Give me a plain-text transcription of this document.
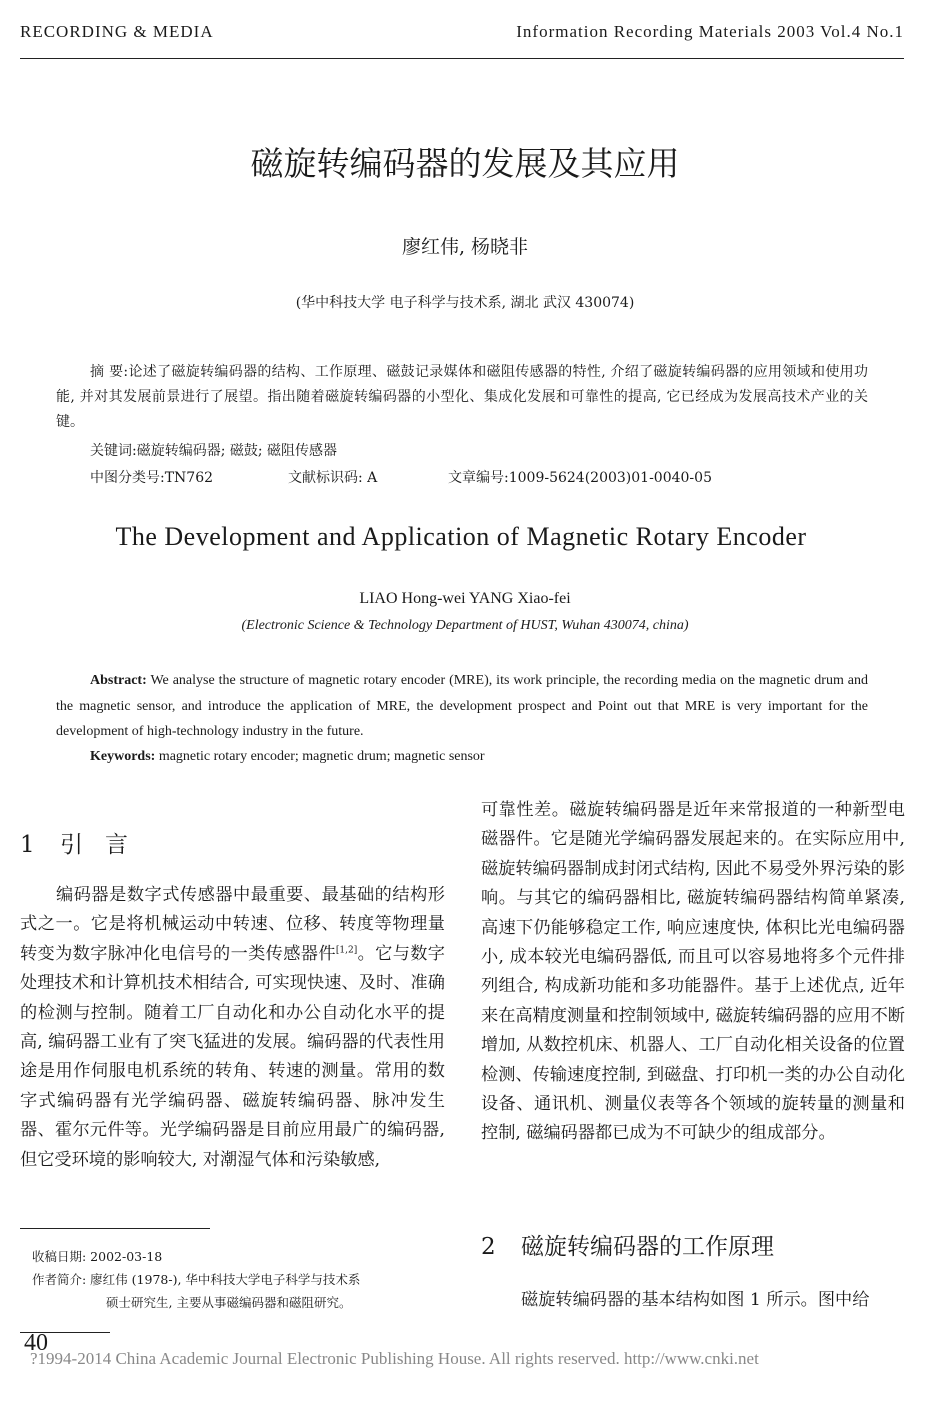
RECORDING & MEDIA	Information Recording Materials 2003 Vol.4 No.1
磁旋转编码器的发展及其应用
廖红伟, 杨晓非
(华中科技大学 电子科学与技术系, 湖北 武汉 430074)
摘 要:论述了磁旋转编码器的结构、工作原理、磁鼓记录媒体和磁阻传感器的特性, 介绍了磁旋转编码器的应用领域和使用功能, 并对其发展前景进行了展望。指出随着磁旋转编码器的小型化、集成化发展和可靠性的提高, 它已经成为发展高技术产业的关键。
关键词:磁旋转编码器; 磁鼓; 磁阻传感器
中图分类号:TN762	文献标识码: A	文章编号:1009-5624(2003)01-0040-05
The Development and Application of Magnetic Rotary Encoder
LIAO Hong-wei YANG Xiao-fei
(Electronic Science & Technology Department of HUST, Wuhan 430074, china)
Abstract: We analyse the structure of magnetic rotary encoder (MRE), its work principle, the recording media on the magnetic drum and the magnetic sensor, and introduce the application of MRE, the development prospect and Point out that MRE is very important for the development of high-technology industry in the future.
Keywords: magnetic rotary encoder; magnetic drum; magnetic sensor
1 引言

编码器是数字式传感器中最重要、最基础的结构形式之一。它是将机械运动中转速、位移、转度等物理量转变为数字脉冲化电信号的一类传感器件[1,2]。它与数字处理技术和计算机技术相结合, 可实现快速、及时、准确的检测与控制。随着工厂自动化和办公自动化水平的提高, 编码器工业有了突飞猛进的发展。编码器的代表性用途是用作伺服电机系统的转角、转速的测量。常用的数字式编码器有光学编码器、磁旋转编码器、脉冲发生器、霍尔元件等。光学编码器是目前应用最广的编码器, 但它受环境的影响较大, 对潮湿气体和污染敏感,

可靠性差。磁旋转编码器是近年来常报道的一种新型电磁器件。它是随光学编码器发展起来的。在实际应用中, 磁旋转编码器制成封闭式结构, 因此不易受外界污染的影响。与其它的编码器相比, 磁旋转编码器结构简单紧凑, 高速下仍能够稳定工作, 响应速度快, 体积比光电编码器小, 成本较光电编码器低, 而且可以容易地将多个元件排列组合, 构成新功能和多功能器件。基于上述优点, 近年来在高精度测量和控制领域中, 磁旋转编码器的应用不断增加, 从数控机床、机器人、工厂自动化相关设备的位置检测、传输速度控制, 到磁盘、打印机一类的办公自动化设备、通讯机、测量仪表等各个领域的旋转量的测量和控制, 磁编码器都已成为不可缺少的组成部分。

2 磁旋转编码器的工作原理

磁旋转编码器的基本结构如图 1 所示。图中给

收稿日期: 2002-03-18
作者简介: 廖红伟 (1978-), 华中科技大学电子科学与技术系
硕士研究生, 主要从事磁编码器和磁阻研究。
40
?1994-2014 China Academic Journal Electronic Publishing House. All rights reserved. http://www.cnki.net
